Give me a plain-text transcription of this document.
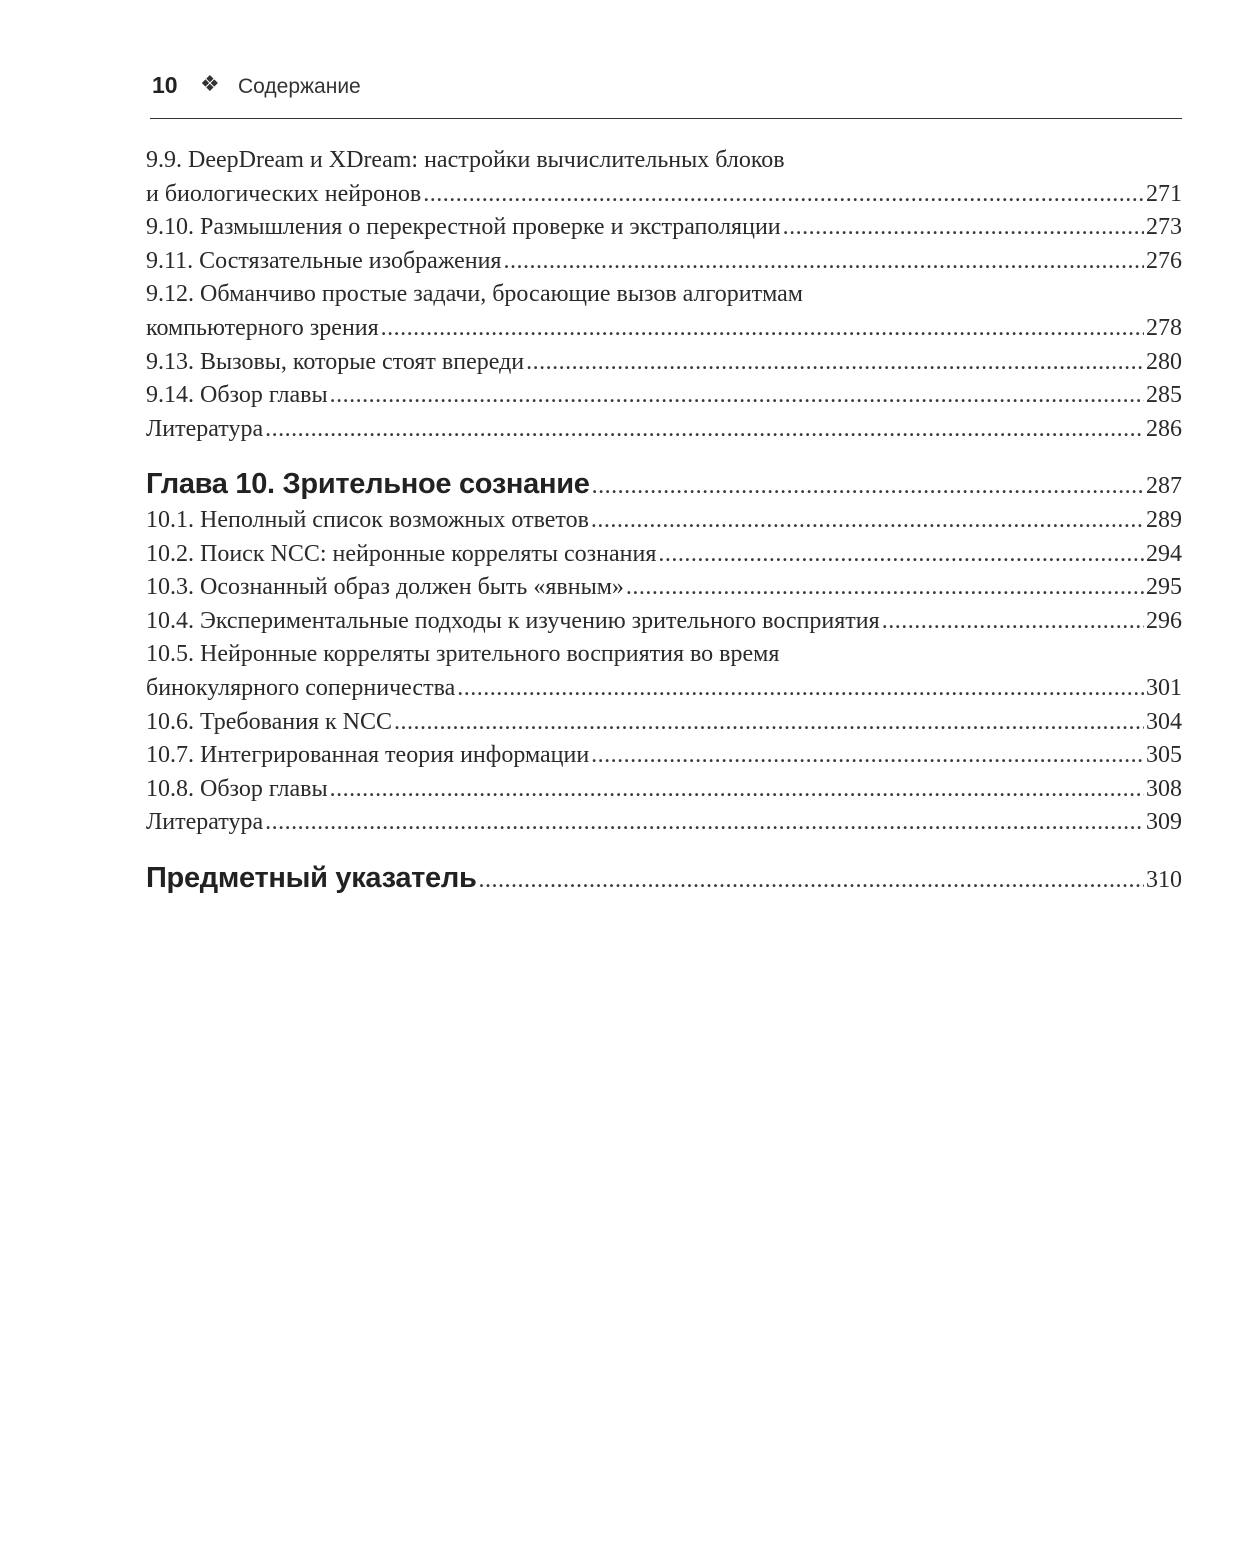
10 ❖ Содержание
9.9. DeepDream и XDream: настройки вычислительных блоков
и биологических нейронов .....	271
9.10. Размышления о перекрестной проверке и экстраполяции .....	273
9.11. Состязательные изображения .....	276
9.12. Обманчиво простые задачи, бросающие вызов алгоритмам
компьютерного зрения .....	278
9.13. Вызовы, которые стоят впереди .....	280
9.14. Обзор главы .....	285
Литература .....	286
Глава 10. Зрительное сознание .....	287
10.1. Неполный список возможных ответов .....	289
10.2. Поиск NCC: нейронные корреляты сознания .....	294
10.3. Осознанный образ должен быть «явным» .....	295
10.4. Экспериментальные подходы к изучению зрительного восприятия .....	296
10.5. Нейронные корреляты зрительного восприятия во время
бинокулярного соперничества .....	301
10.6. Требования к NCC .....	304
10.7. Интегрированная теория информации .....	305
10.8. Обзор главы .....	308
Литература .....	309
Предметный указатель .....	310
